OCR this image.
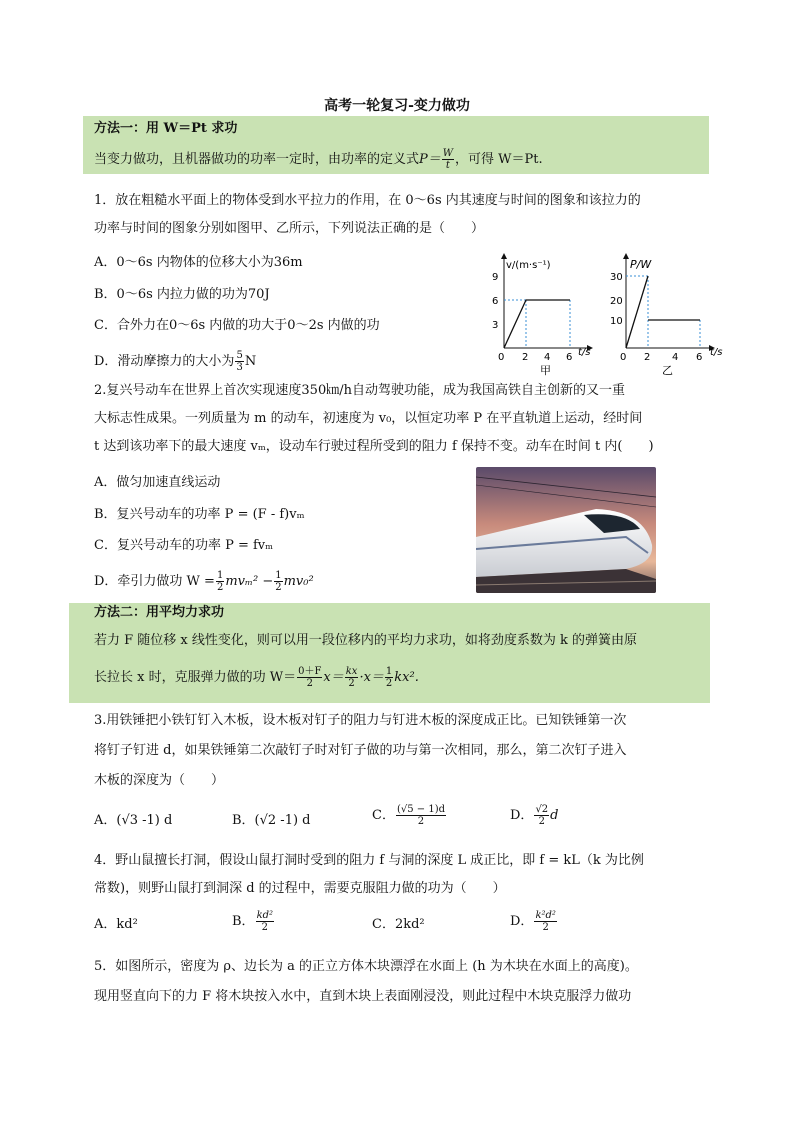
高考一轮复习-变力做功
方法一：用 W＝Pt 求功
当变力做功，且机器做功的功率一定时，由功率的定义式$P= \frac{W}{t}$ ，可得 W＝Pt.
1．放在粗糙水平面上的物体受到水平拉力的作用，在 0～6s 内其速度与时间的图象和该拉力的
功率与时间的图象分别如图甲、乙所示，下列说法正确的是（　　）
A．0～6s 内物体的位移大小为36m
B．0～6s 内拉力做的功为70J
C．合外力在0～6s 内做的功大于0～2s 内做的功
D．滑动摩擦力的大小为 $\frac{5}{3}$ N
v/(m·s⁻¹)
9
6
3
0 2 4 6 t/s
甲
P/W
30
20
10
0 2 4 6 t/s
乙
2.复兴号动车在世界上首次实现速度350㎞/h自动驾驶功能，成为我国高铁自主创新的又一重
大标志性成果。一列质量为 m 的动车，初速度为 v₀，以恒定功率 P 在平直轨道上运动，经时间
t 达到该功率下的最大速度 vₘ，设动车行驶过程所受到的阻力 f 保持不变。动车在时间 t 内(　　)
A．做匀加速直线运动
B．复兴号动车的功率 P = (F - f)vₘ
C．复兴号动车的功率 P = fvₘ
D．牵引力做功 $W = \frac{1}{2} mv_m^2 - \frac{1}{2} mv_0^2$
方法二：用平均力求功
若力 F 随位移 x 线性变化，则可以用一段位移内的平均力求功，如将劲度系数为 k 的弹簧由原
长拉长 x 时，克服弹力做的功 $W= \frac{0+F}{2} x= \frac{kx}{2} \cdot x= \frac{1}{2} kx^2$.
3.用铁锤把小铁钉钉入木板，设木板对钉子的阻力与钉进木板的深度成正比。已知铁锤第一次
将钉子钉进 d，如果铁锤第二次敲钉子时对钉子做的功与第一次相同，那么，第二次钉子进入
木板的深度为（　　）
A．(√3 -1) d	B．(√2 -1) d	C． $\frac{(√5 - 1)d}{2}$	D． $\frac{√2}{2}$ d
4．野山鼠擅长打洞，假设山鼠打洞时受到的阻力 f 与洞的深度 L 成正比，即 f = kL（k 为比例
常数)，则野山鼠打到洞深 d 的过程中，需要克服阻力做的功为（　　）
A．kd²	B． $\frac{\text{kd²}}{2}$	C．2kd²	D． $\frac{\text{k²d²}}{2}$
5．如图所示，密度为 ρ、边长为 a 的正立方体木块漂浮在水面上 (h 为木块在水面上的高度)。
现用竖直向下的力 F 将木块按入水中，直到木块上表面刚浸没，则此过程中木块克服浮力做功
